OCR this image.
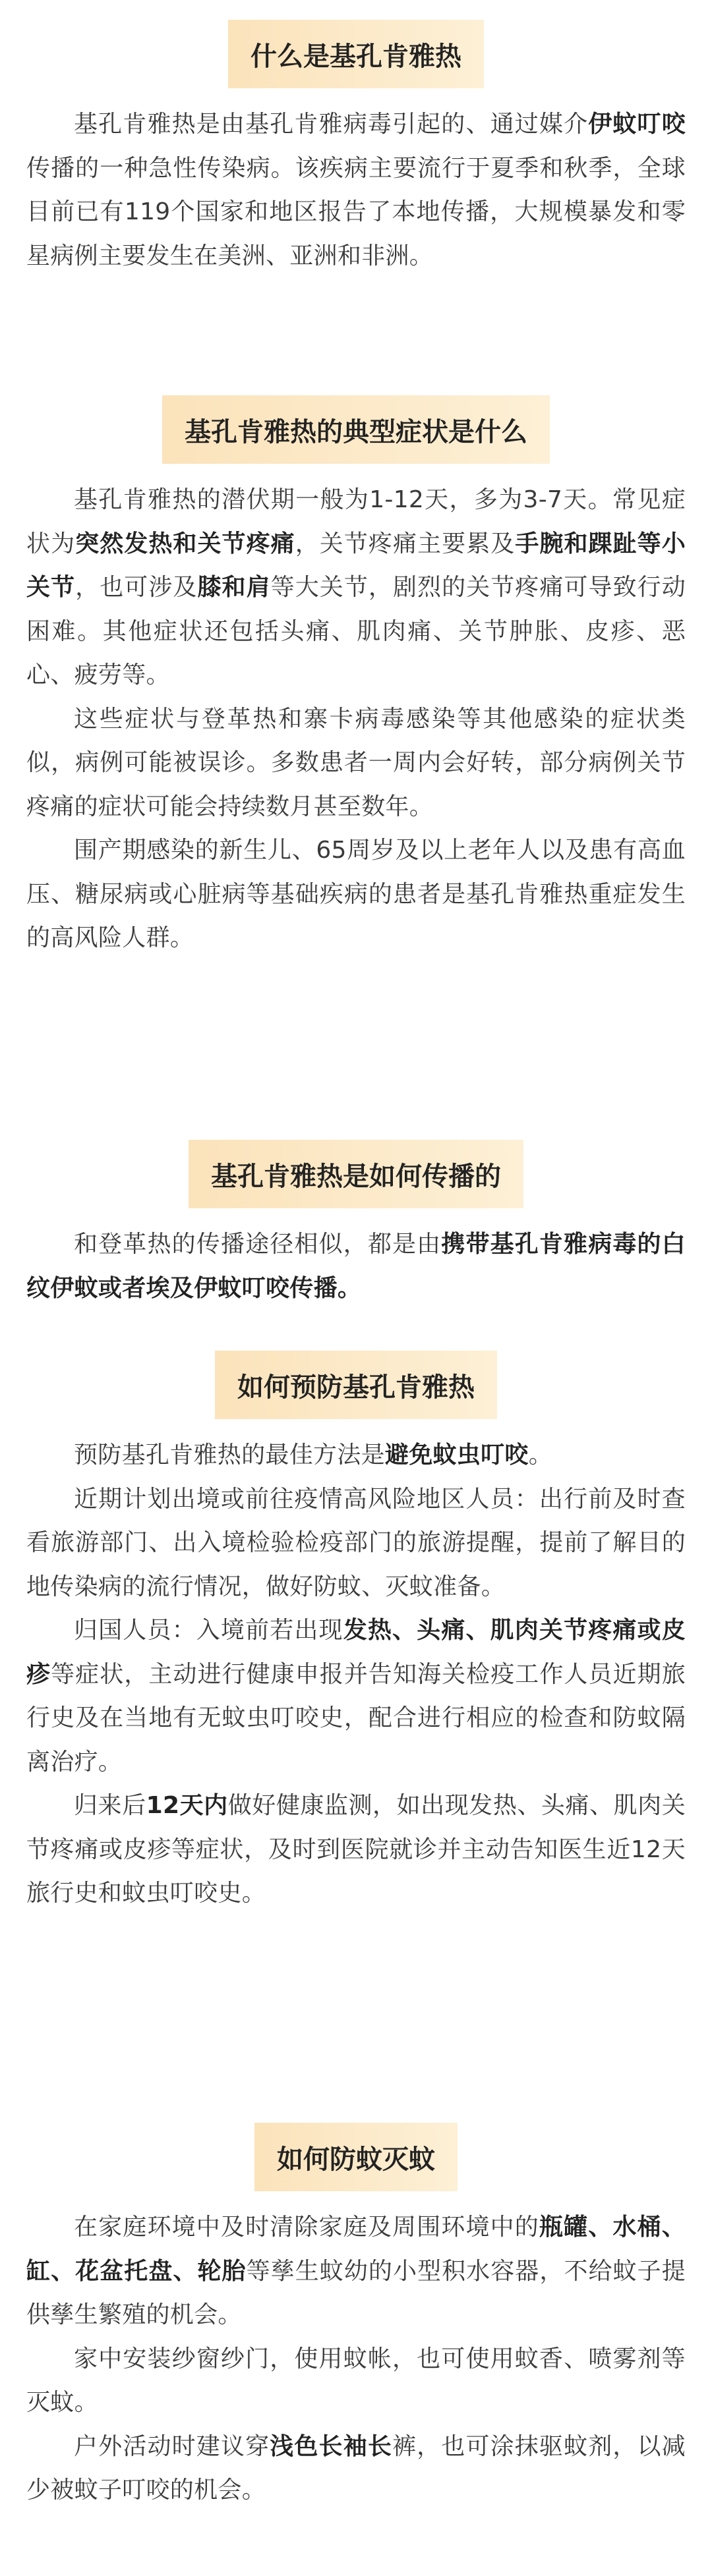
什么是基孔肯雅热

基孔肯雅热是由基孔肯雅病毒引起的、通过媒介伊蚊叮咬传播的一种急性传染病。该疾病主要流行于夏季和秋季，全球目前已有119个国家和地区报告了本地传播，大规模暴发和零星病例主要发生在美洲、亚洲和非洲。

基孔肯雅热的典型症状是什么

基孔肯雅热的潜伏期一般为1-12天，多为3-7天。常见症状为突然发热和关节疼痛，关节疼痛主要累及手腕和踝趾等小关节，也可涉及膝和肩等大关节，剧烈的关节疼痛可导致行动困难。其他症状还包括头痛、肌肉痛、关节肿胀、皮疹、恶心、疲劳等。

这些症状与登革热和寨卡病毒感染等其他感染的症状类似，病例可能被误诊。多数患者一周内会好转，部分病例关节疼痛的症状可能会持续数月甚至数年。

围产期感染的新生儿、65周岁及以上老年人以及患有高血压、糖尿病或心脏病等基础疾病的患者是基孔肯雅热重症发生的高风险人群。

基孔肯雅热是如何传播的

和登革热的传播途径相似，都是由携带基孔肯雅病毒的白纹伊蚊或者埃及伊蚊叮咬传播。

如何预防基孔肯雅热

预防基孔肯雅热的最佳方法是避免蚊虫叮咬。

近期计划出境或前往疫情高风险地区人员：出行前及时查看旅游部门、出入境检验检疫部门的旅游提醒，提前了解目的地传染病的流行情况，做好防蚊、灭蚊准备。

归国人员：入境前若出现发热、头痛、肌肉关节疼痛或皮疹等症状，主动进行健康申报并告知海关检疫工作人员近期旅行史及在当地有无蚊虫叮咬史，配合进行相应的检查和防蚊隔离治疗。

归来后12天内做好健康监测，如出现发热、头痛、肌肉关节疼痛或皮疹等症状，及时到医院就诊并主动告知医生近12天旅行史和蚊虫叮咬史。

如何防蚊灭蚊

在家庭环境中及时清除家庭及周围环境中的瓶罐、水桶、缸、花盆托盘、轮胎等孳生蚊幼的小型积水容器，不给蚊子提供孳生繁殖的机会。

家中安装纱窗纱门，使用蚊帐，也可使用蚊香、喷雾剂等灭蚊。

户外活动时建议穿浅色长袖长裤，也可涂抹驱蚊剂，以减少被蚊子叮咬的机会。
